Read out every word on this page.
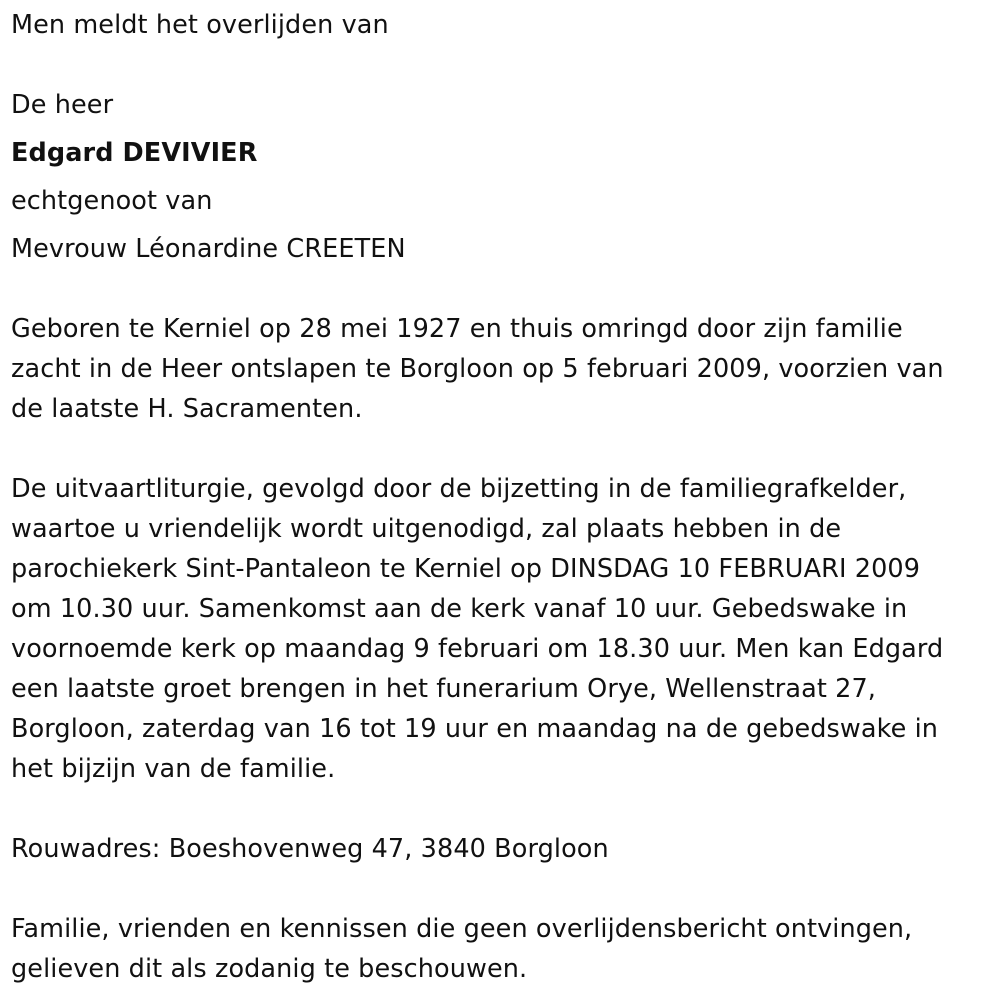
Men meldt het overlijden van
De heer
Edgard DEVIVIER
echtgenoot van
Mevrouw Léonardine CREETEN
Geboren te Kerniel op 28 mei 1927 en thuis omringd door zijn familie
zacht in de Heer ontslapen te Borgloon op 5 februari 2009, voorzien van
de laatste H. Sacramenten.
De uitvaartliturgie, gevolgd door de bijzetting in de familiegrafkelder,
waartoe u vriendelijk wordt uitgenodigd, zal plaats hebben in de
parochiekerk Sint-Pantaleon te Kerniel op DINSDAG 10 FEBRUARI 2009
om 10.30 uur. Samenkomst aan de kerk vanaf 10 uur. Gebedswake in
voornoemde kerk op maandag 9 februari om 18.30 uur. Men kan Edgard
een laatste groet brengen in het funerarium Orye, Wellenstraat 27,
Borgloon, zaterdag van 16 tot 19 uur en maandag na de gebedswake in
het bijzijn van de familie.
Rouwadres: Boeshovenweg 47, 3840 Borgloon
Familie, vrienden en kennissen die geen overlijdensbericht ontvingen,
gelieven dit als zodanig te beschouwen.
